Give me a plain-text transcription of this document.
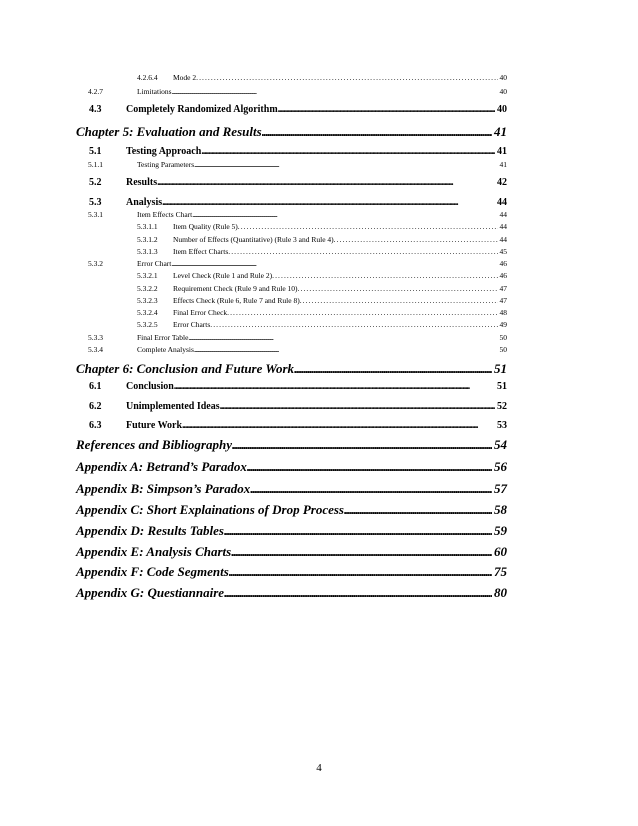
4.2.6.4	Mode 2 . . .	40
4.2.7	Limitations . . .	40
4.3	Completely Randomized Algorithm . . .	40
Chapter 5: Evaluation and Results . . .	41
5.1	Testing Approach . . .	41
5.1.1	Testing Parameters . . .	41
5.2	Results . . .	42
5.3	Analysis . . .	44
5.3.1	Item Effects Chart . . .	44
5.3.1.1	Item Quality (Rule 5) . . .	44
5.3.1.2	Number of Effects (Quantitative) (Rule 3 and Rule 4) . . .	44
5.3.1.3	Item Effect Charts . . .	45
5.3.2	Error Chart . . .	46
5.3.2.1	Level Check (Rule 1 and Rule 2) . . .	46
5.3.2.2	Requirement Check (Rule 9 and Rule 10) . . .	47
5.3.2.3	Effects Check (Rule 6, Rule 7 and Rule 8) . . .	47
5.3.2.4	Final Error Check . . .	48
5.3.2.5	Error Charts . . .	49
5.3.3	Final Error Table . . .	50
5.3.4	Complete Analysis . . .	50
Chapter 6: Conclusion and Future Work . . .	51
6.1	Conclusion . . .	51
6.2	Unimplemented Ideas . . .	52
6.3	Future Work . . .	53
References and Bibliography . . .	54
Appendix A: Betrand’s Paradox . . .	56
Appendix B: Simpson’s Paradox . . .	57
Appendix C: Short Explainations of Drop Process . . .	58
Appendix D: Results Tables . . .	59
Appendix E: Analysis Charts . . .	60
Appendix F: Code Segments . . .	75
Appendix G: Questiannaire . . .	80
4
